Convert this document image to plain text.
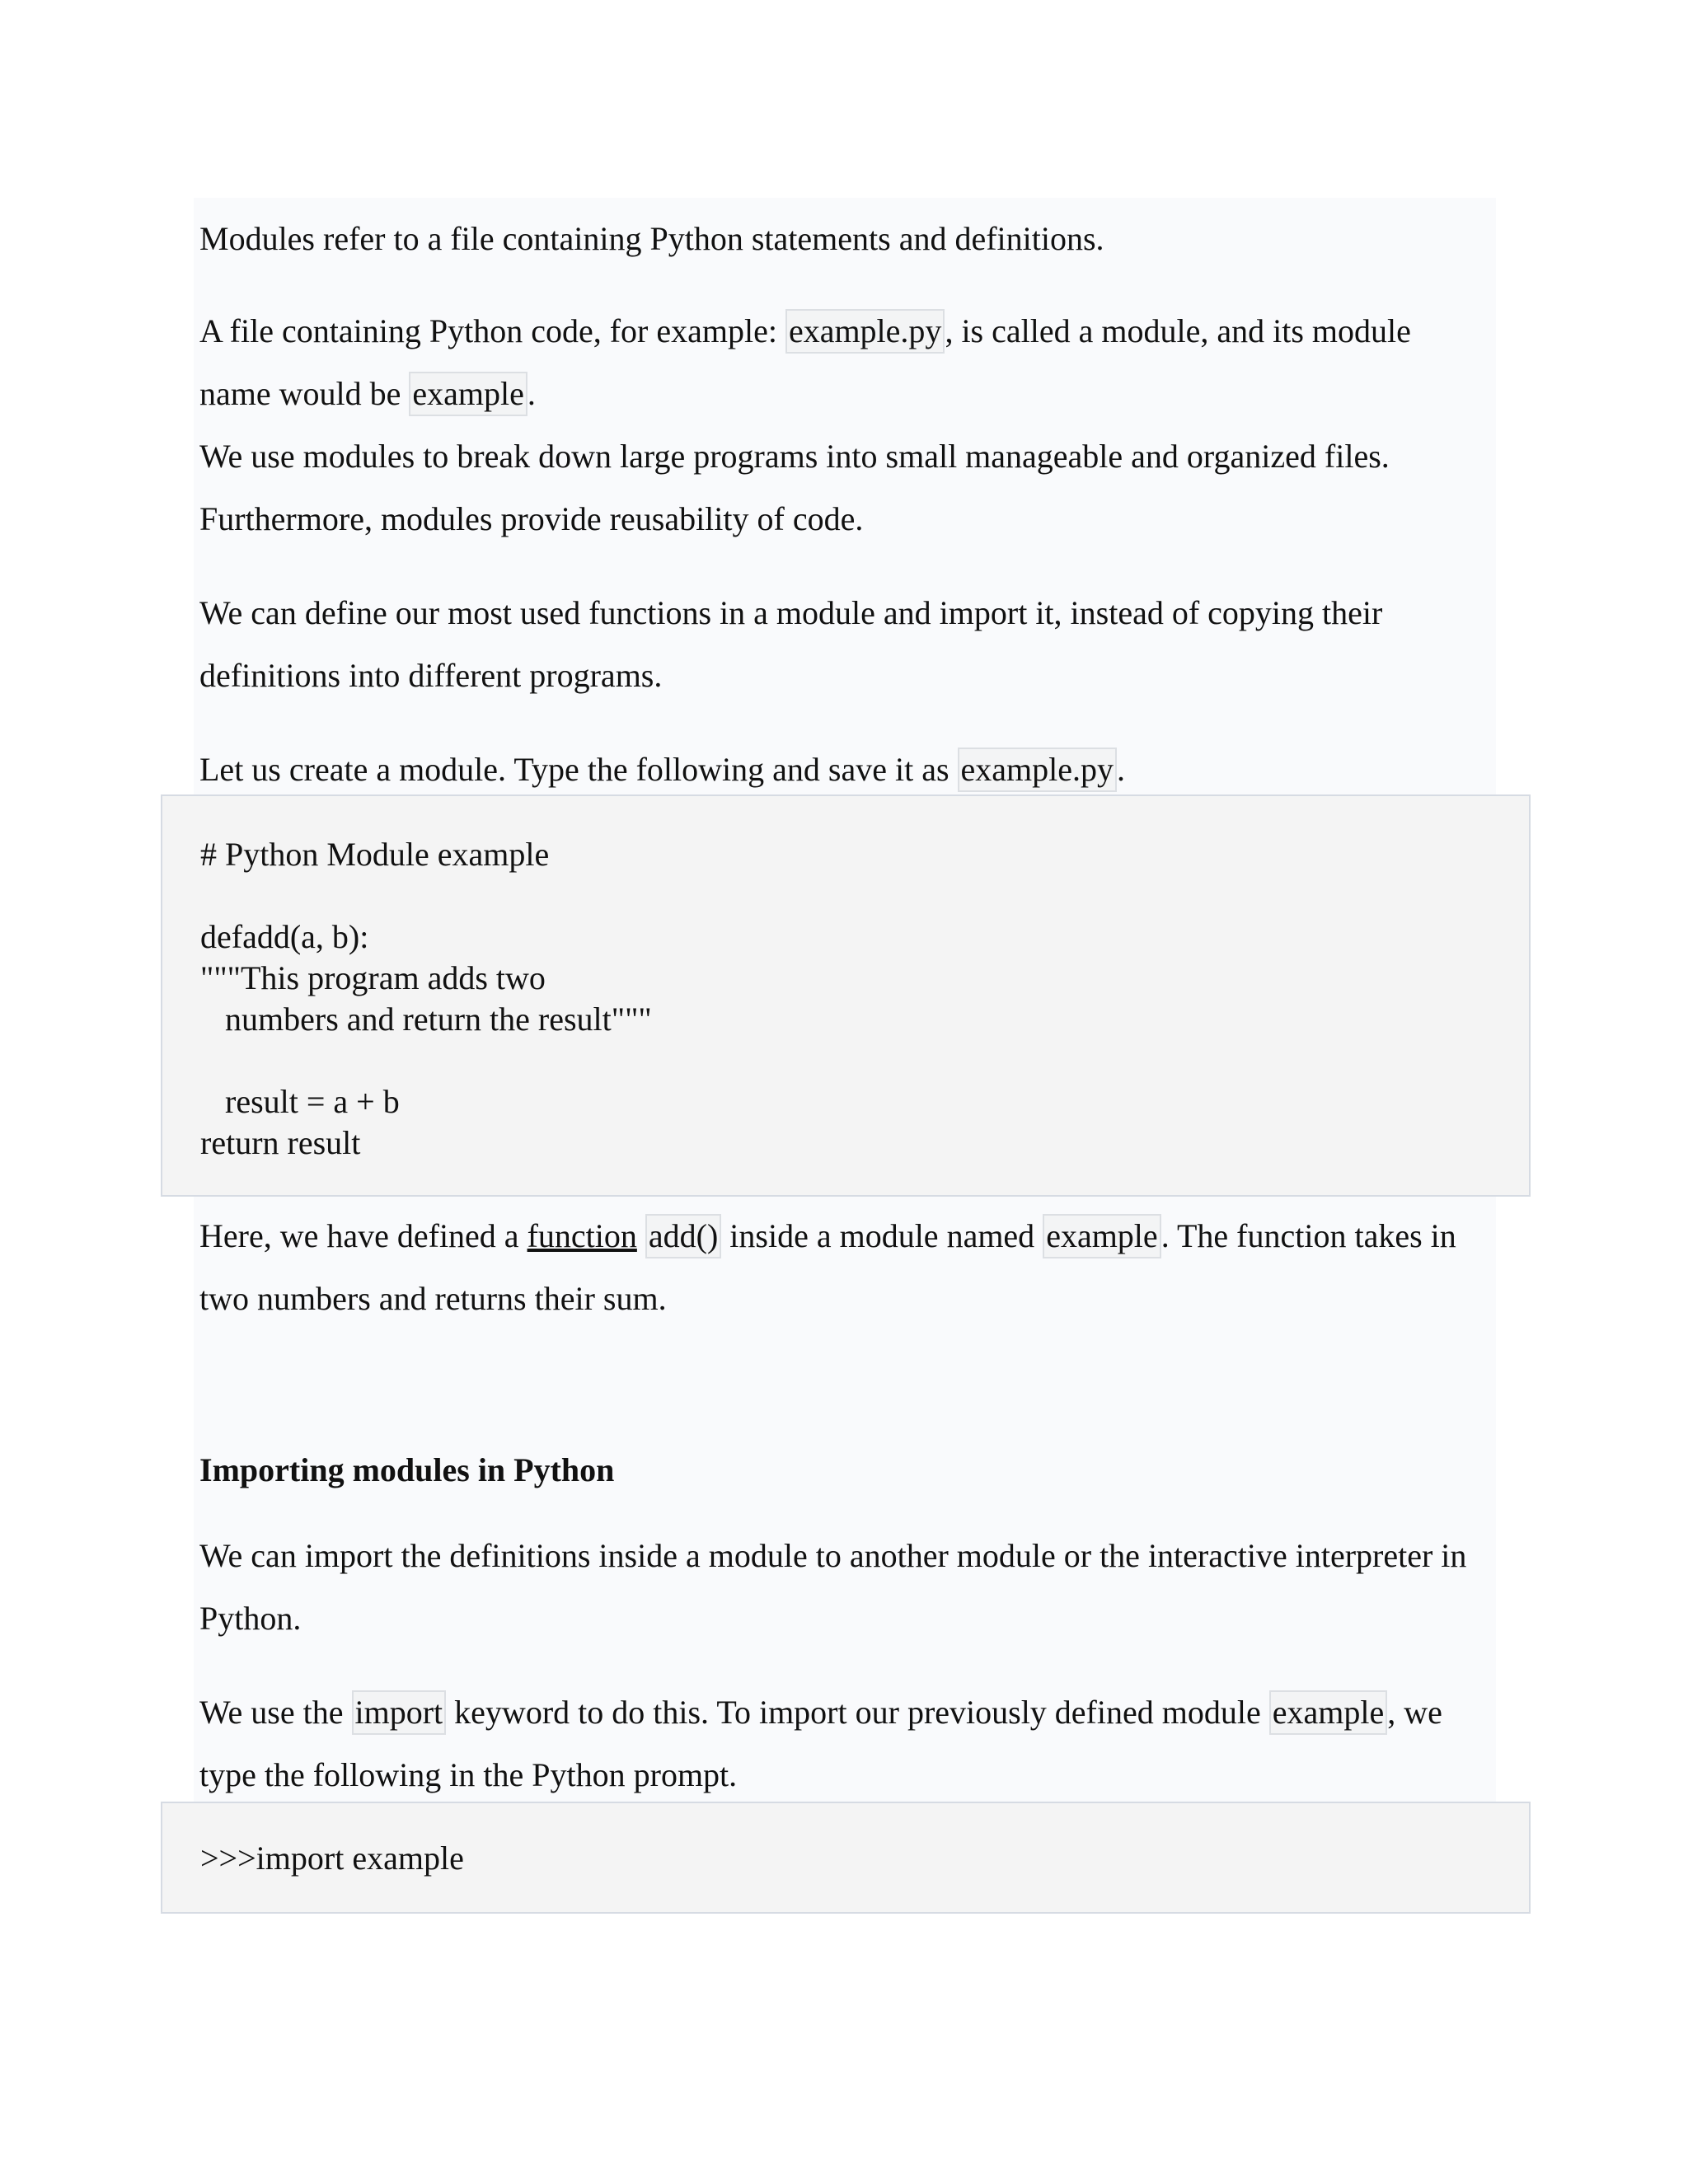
Modules refer to a file containing Python statements and definitions.

A file containing Python code, for example: example.py , is called a module, and its module

name would be example .

We use modules to break down large programs into small manageable and organized files.

Furthermore, modules provide reusability of code.

We can define our most used functions in a module and import it, instead of copying their

definitions into different programs.

Let us create a module. Type the following and save it as example.py .

# Python Module example

defadd(a, b):

"""This program adds two

numbers and return the result"""

result = a + b

return result

Here, we have defined a function add() inside a module named example . The function takes in

two numbers and returns their sum.

Importing modules in Python

We can import the definitions inside a module to another module or the interactive interpreter in

Python.

We use the import keyword to do this. To import our previously defined module example , we

type the following in the Python prompt.

>>>import example
